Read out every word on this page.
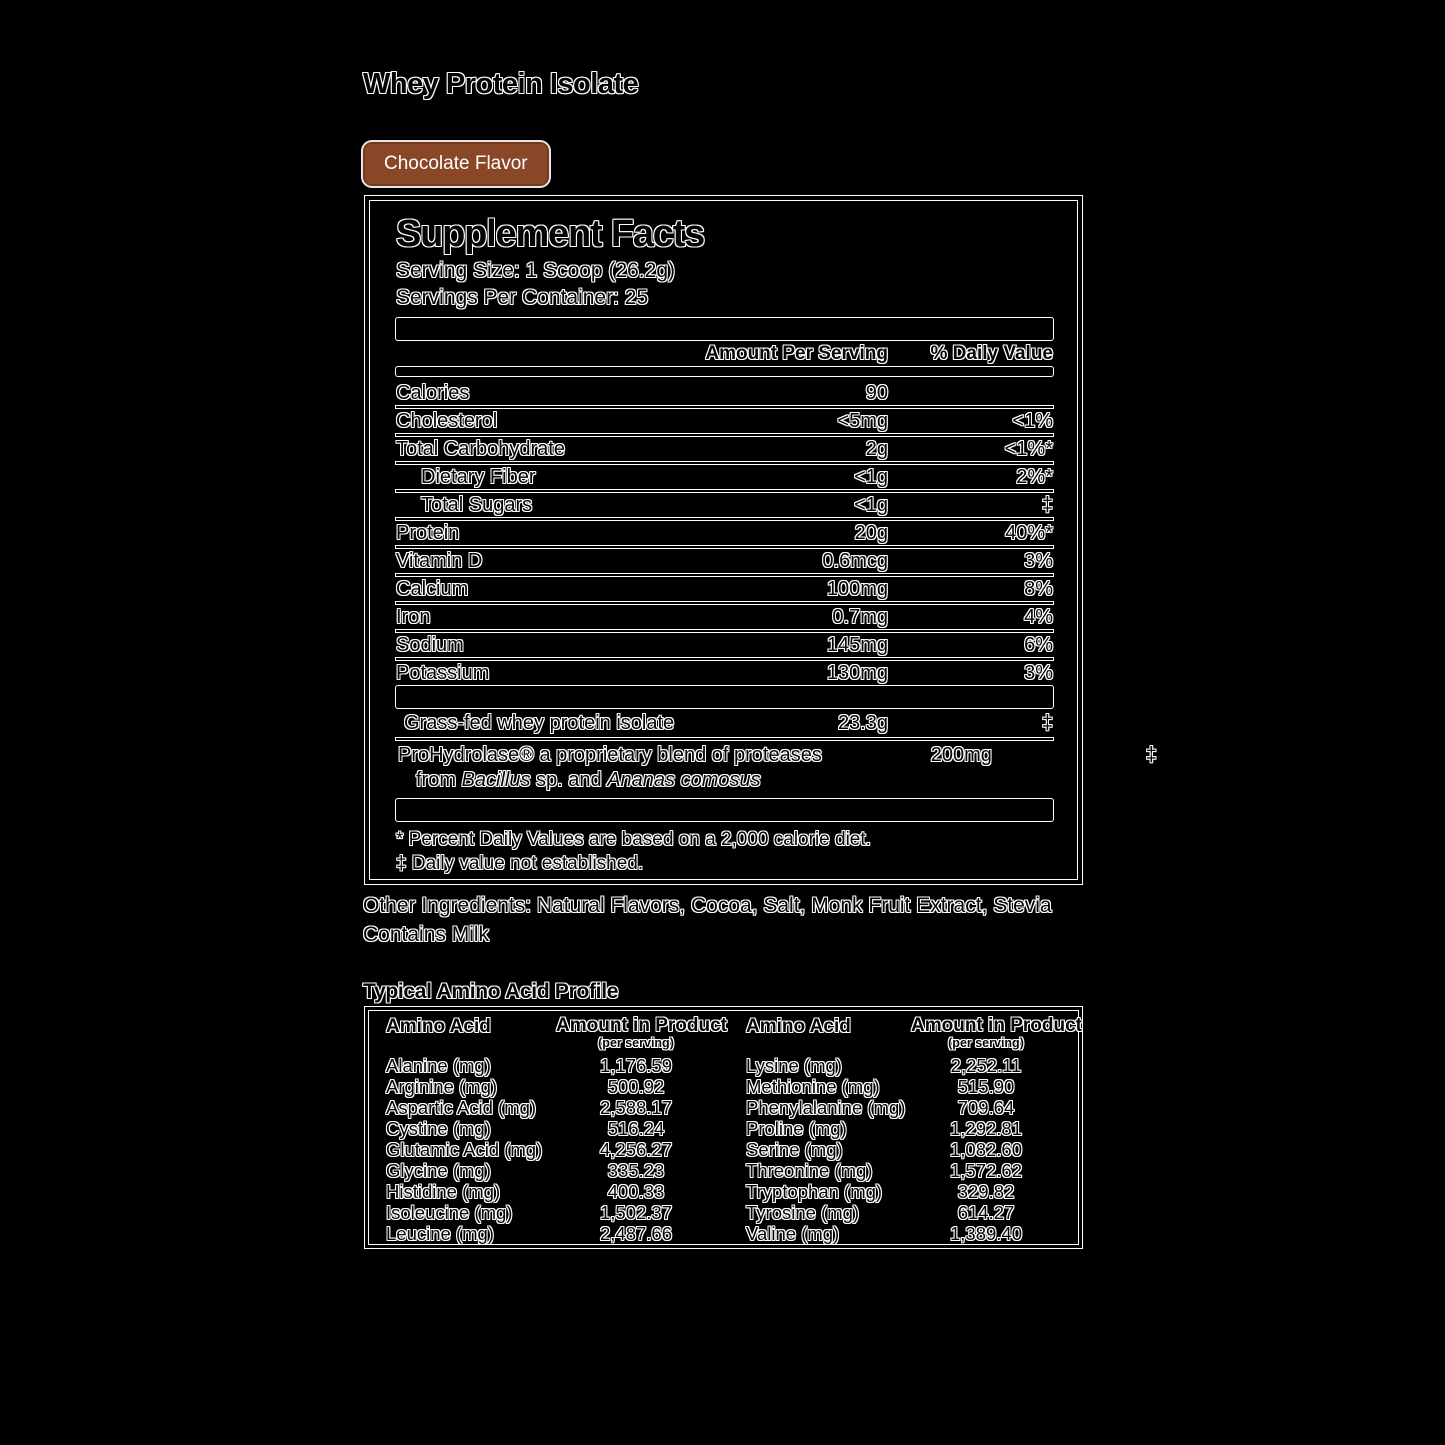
Whey Protein Isolate
Chocolate Flavor
Supplement Facts
Serving Size: 1 Scoop (26.2g)
Servings Per Container: 25
Amount Per Serving	% Daily Value
Calories	90
Cholesterol	<5mg	<1%
Total Carbohydrate	2g	<1%*
Dietary Fiber	<1g	2%*
Total Sugars	<1g	‡
Protein	20g	40%*
Vitamin D	0.6mcg	3%
Calcium	100mg	8%
Iron	0.7mg	4%
Sodium	145mg	6%
Potassium	130mg	3%
Grass-fed whey protein isolate	23.3g	‡
ProHydrolase® a proprietary blend of proteases	200mg	‡
from Bacillus sp. and Ananas comosus
* Percent Daily Values are based on a 2,000 calorie diet.
‡ Daily value not established.
Other Ingredients: Natural Flavors, Cocoa, Salt, Monk Fruit Extract, Stevia
Contains Milk
Typical Amino Acid Profile
Amino Acid	Amount in Product
(per serving)
Alanine (mg)	1,176.59
Arginine (mg)	500.92
Aspartic Acid (mg)	2,588.17
Cystine (mg)	516.24
Glutamic Acid (mg)	4,256.27
Glycine (mg)	335.23
Histidine (mg)	400.33
Isoleucine (mg)	1,502.37
Leucine (mg)	2,487.66
Amino Acid	Amount in Product
(per serving)
Lysine (mg)	2,252.11
Methionine (mg)	515.90
Phenylalanine (mg)	709.64
Proline (mg)	1,292.81
Serine (mg)	1,082.60
Threonine (mg)	1,572.62
Tryptophan (mg)	329.82
Tyrosine (mg)	614.27
Valine (mg)	1,389.40
